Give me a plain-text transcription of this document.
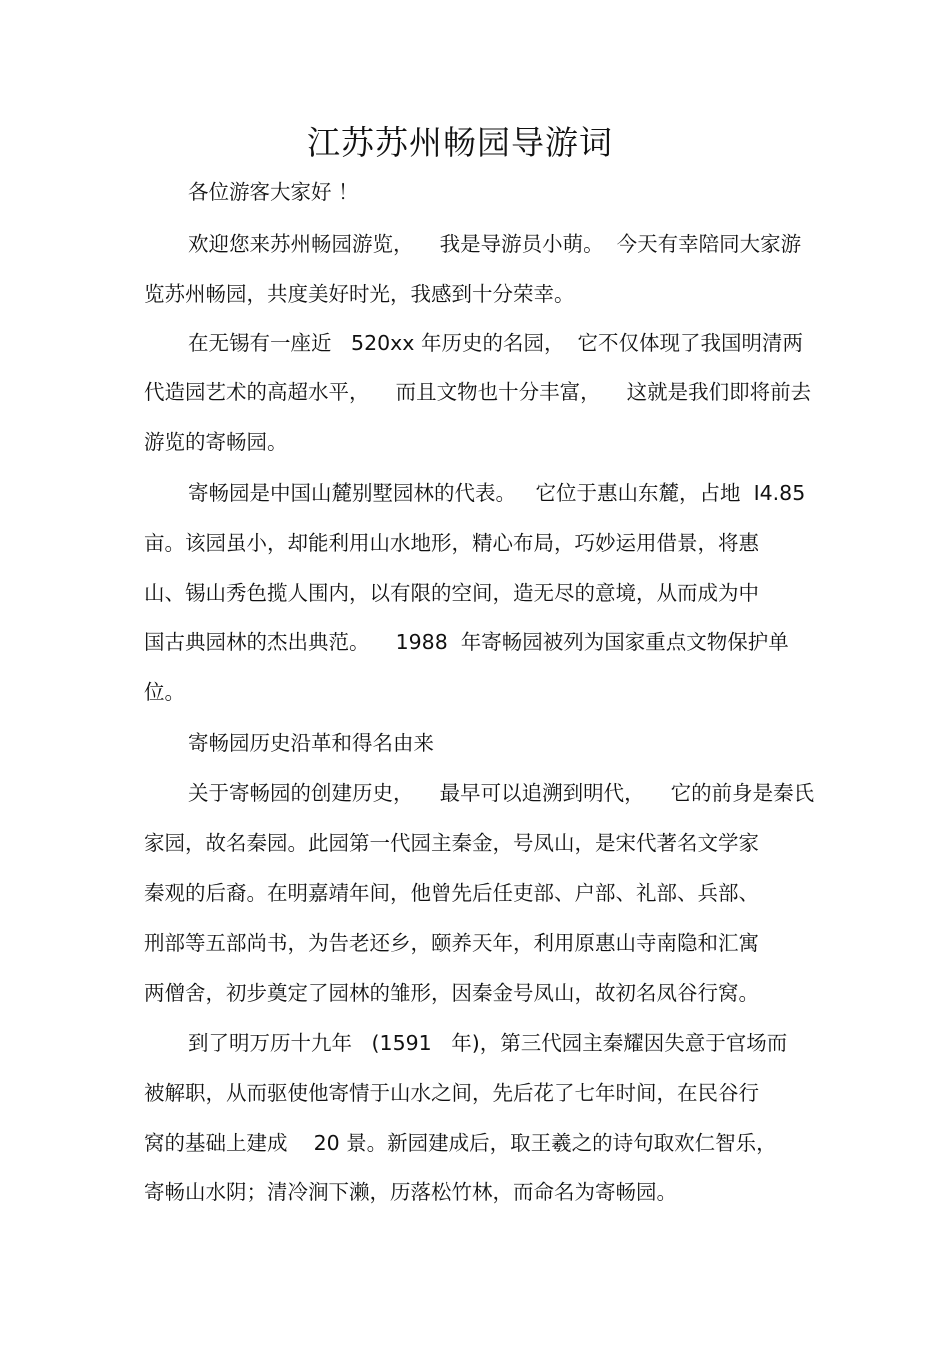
江苏苏州畅园导游词
各位游客大家好 ！
欢迎您来苏州畅园游览，    我是导游员小萌。  今天有幸陪同大家游
览苏州畅园，共度美好时光，我感到十分荣幸。
在无锡有一座近   520xx 年历史的名园，  它不仅体现了我国明清两
代造园艺术的高超水平，    而且文物也十分丰富，    这就是我们即将前去
游览的寄畅园。
寄畅园是中国山麓别墅园林的代表。   它位于惠山东麓，占地  I4.85
亩。该园虽小，却能利用山水地形，精心布局，巧妙运用借景，将惠
山、锡山秀色揽人围内，以有限的空间，造无尽的意境，从而成为中
国古典园林的杰出典范。    1988  年寄畅园被列为国家重点文物保护单
位。
寄畅园历史沿革和得名由来
关于寄畅园的创建历史，    最早可以追溯到明代，    它的前身是秦氏
家园，故名秦园。此园第一代园主秦金，号凤山，是宋代著名文学家
秦观的后裔。在明嘉靖年间，他曾先后任吏部、户部、礼部、兵部、
刑部等五部尚书，为告老还乡，颐养天年，利用原惠山寺南隐和汇寓
两僧舍，初步奠定了园林的雏形，因秦金号凤山，故初名凤谷行窝。
到了明万历十九年   (1591   年)，第三代园主秦耀因失意于官场而
被解职，从而驱使他寄情于山水之间，先后花了七年时间，在民谷行
窝的基础上建成    20 景。新园建成后，取王羲之的诗句取欢仁智乐，
寄畅山水阴；清冷涧下濑，历落松竹林，而命名为寄畅园。
